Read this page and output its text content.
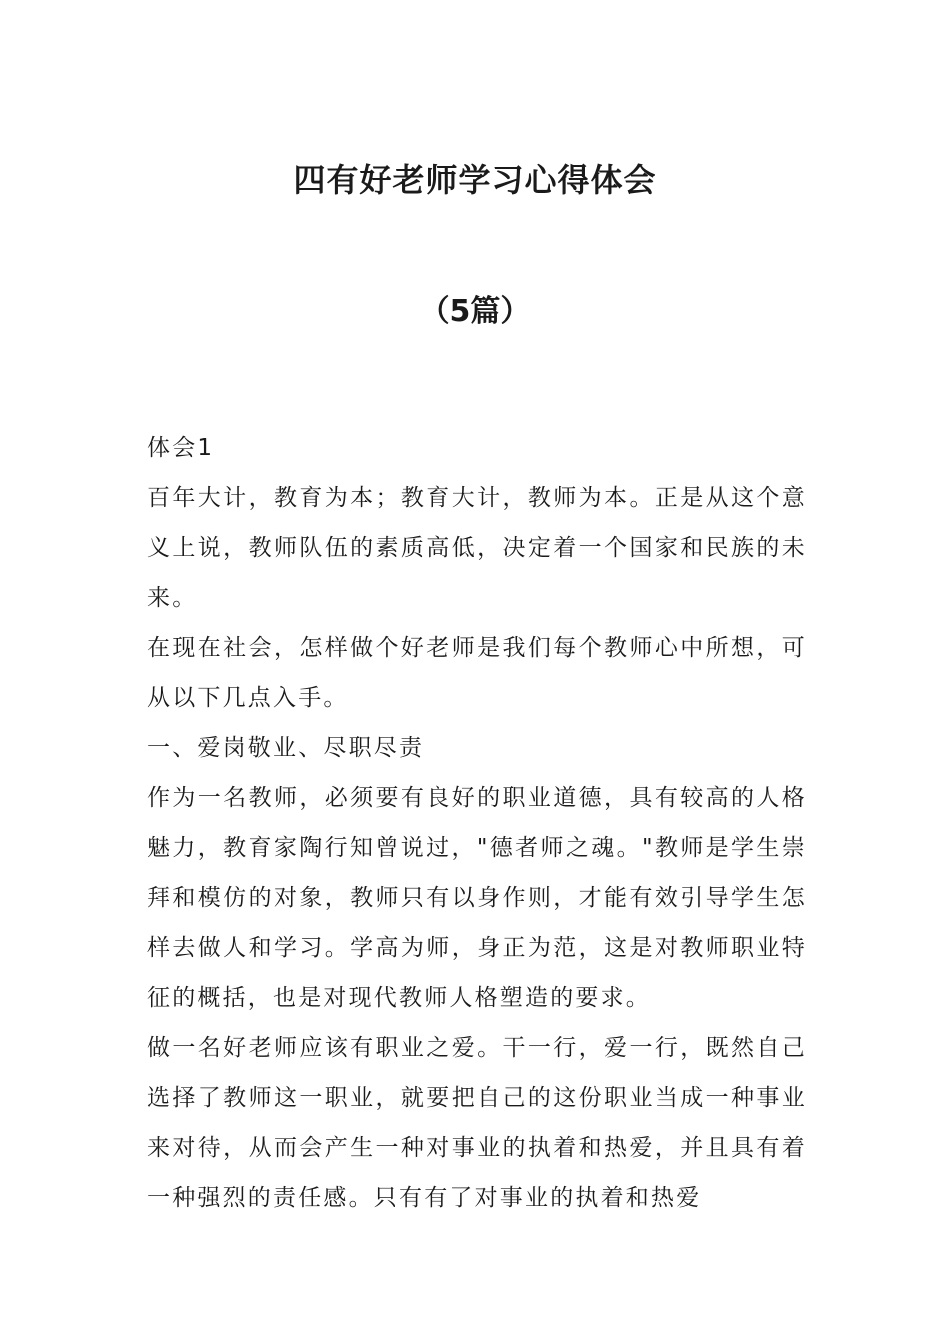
四有好老师学习心得体会
（5篇）

体会1

百年大计，教育为本；教育大计，教师为本。正是从这个意义上说，教师队伍的素质高低，决定着一个国家和民族的未来。

在现在社会，怎样做个好老师是我们每个教师心中所想，可从以下几点入手。

一、爱岗敬业、尽职尽责

作为一名教师，必须要有良好的职业道德，具有较高的人格魅力，教育家陶行知曾说过，"德者师之魂。"教师是学生崇拜和模仿的对象，教师只有以身作则，才能有效引导学生怎样去做人和学习。学高为师，身正为范，这是对教师职业特征的概括，也是对现代教师人格塑造的要求。

做一名好老师应该有职业之爱。干一行，爱一行，既然自己选择了教师这一职业，就要把自己的这份职业当成一种事业来对待，从而会产生一种对事业的执着和热爱，并且具有着一种强烈的责任感。只有有了对事业的执着和热爱
